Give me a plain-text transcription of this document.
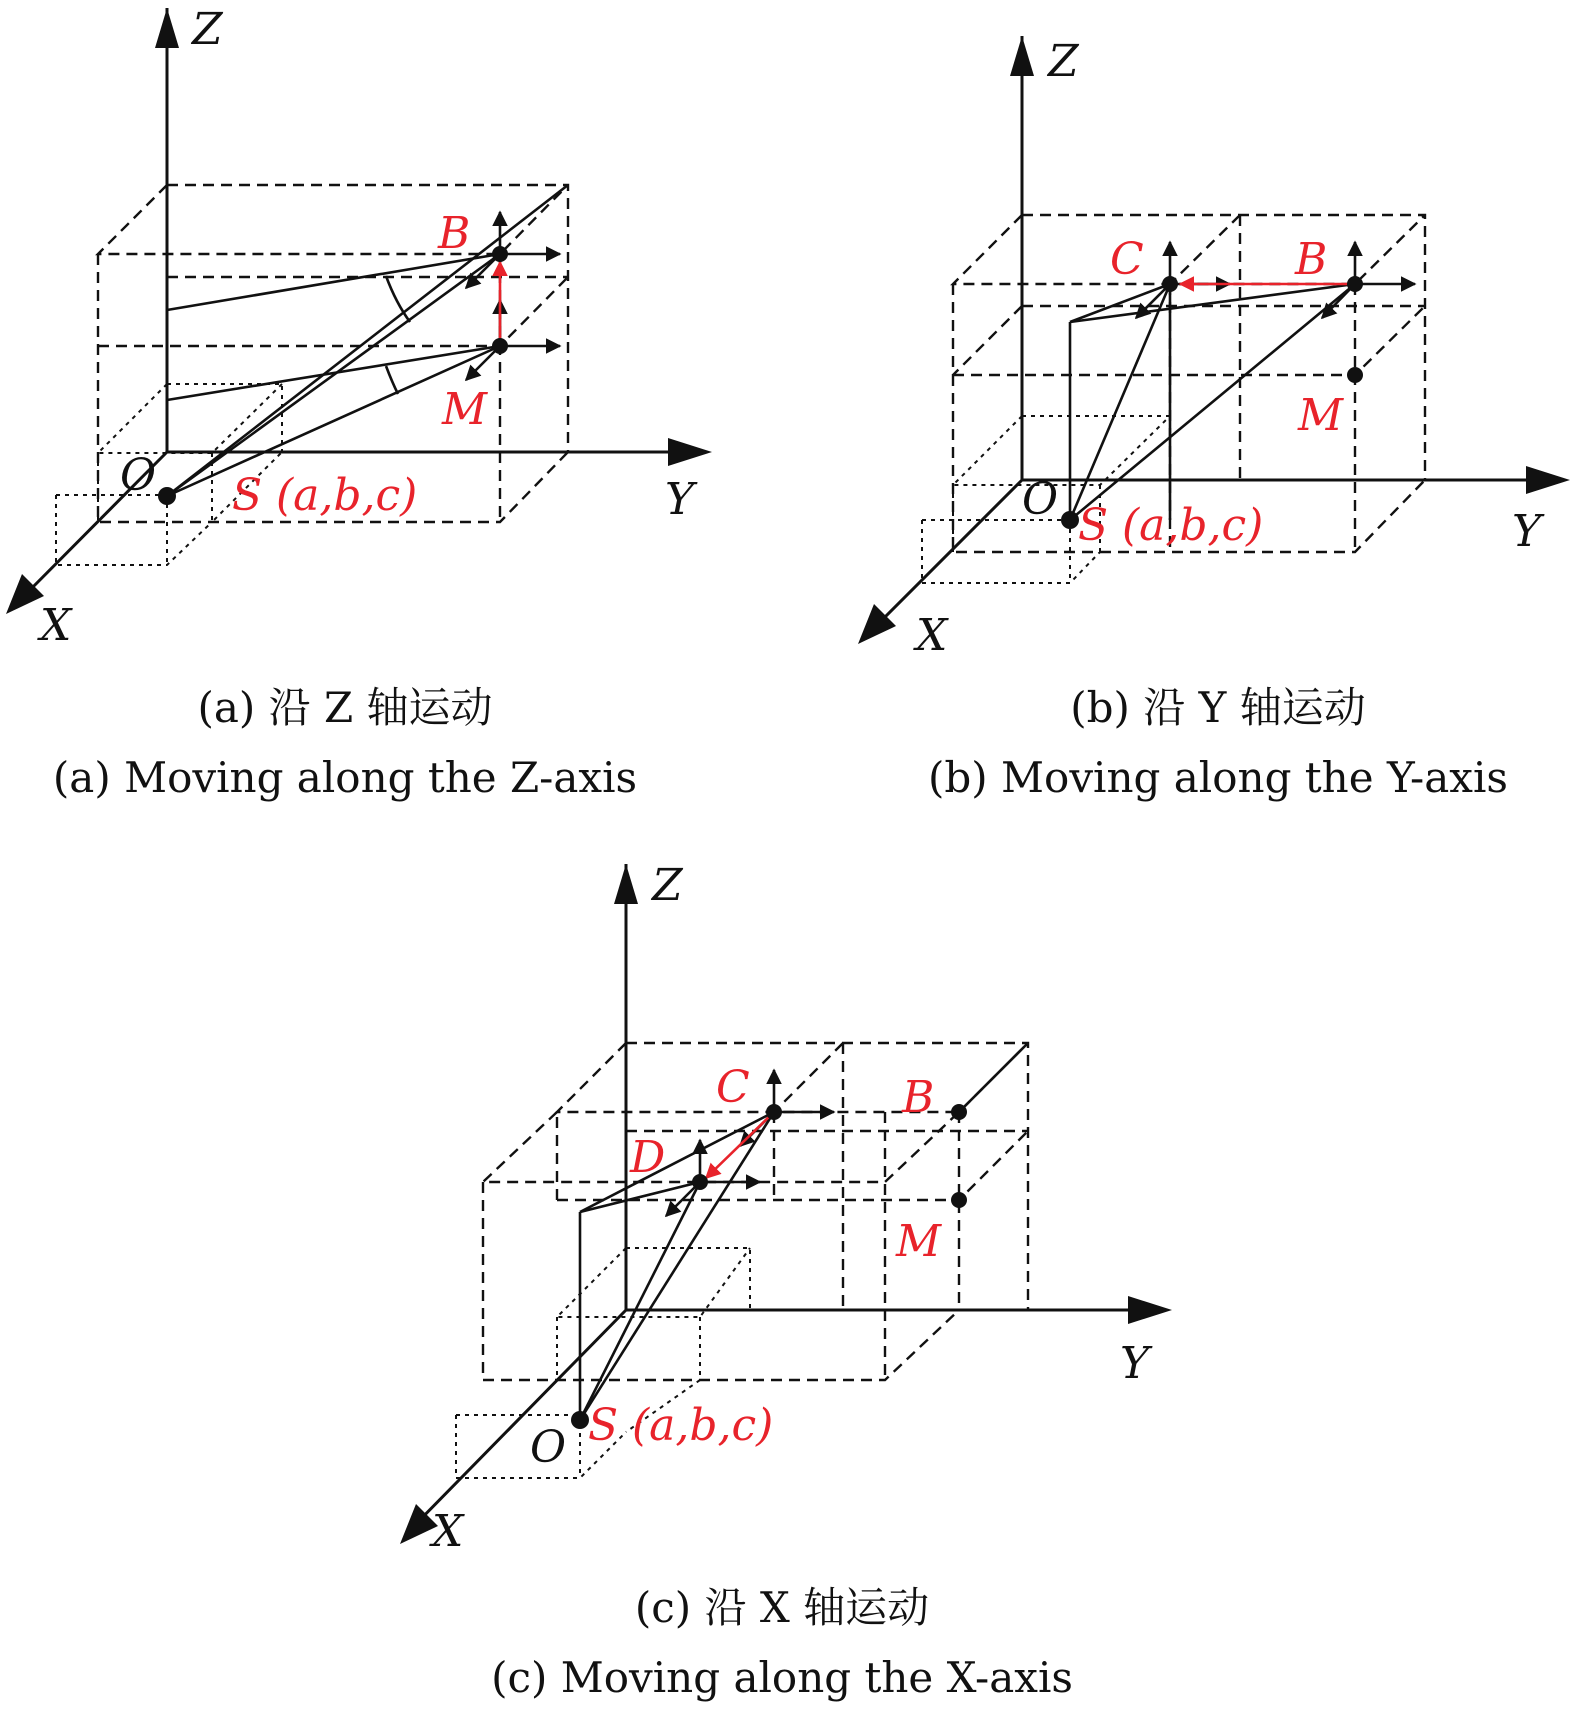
Z
Y
X
O
B
M
S (a,b,c)
(a) 沿 Z 轴运动
(a) Moving along the Z-axis
Z
Y
X
O
B
C
M
S (a,b,c)
(b) 沿 Y 轴运动
(b) Moving along the Y-axis
Z
Y
X
O
B
C
D
M
S (a,b,c)
(c) 沿 X 轴运动
(c) Moving along the X-axis
